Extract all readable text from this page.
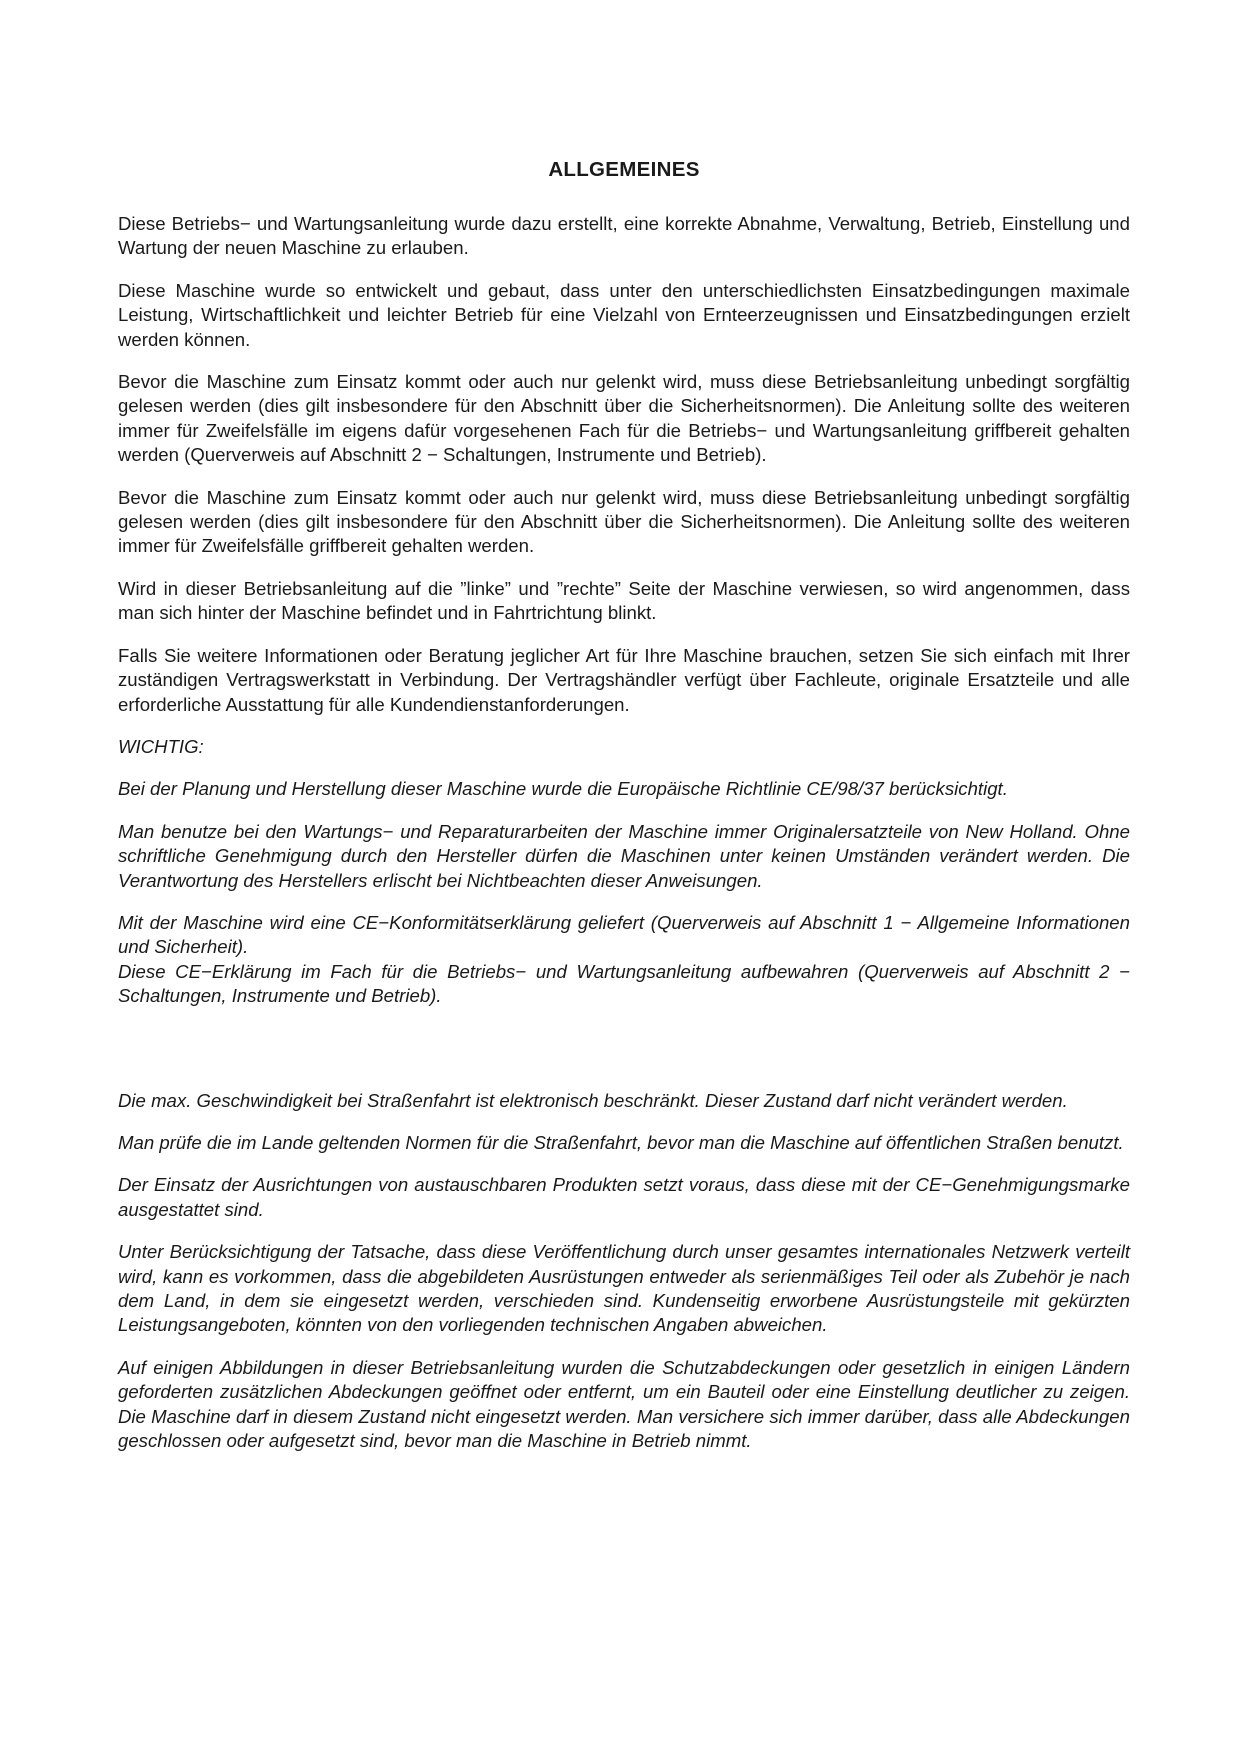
ALLGEMEINES

Diese Betriebs− und Wartungsanleitung wurde dazu erstellt, eine korrekte Abnahme, Verwaltung, Betrieb, Einstellung und Wartung der neuen Maschine zu erlauben.

Diese Maschine wurde so entwickelt und gebaut, dass unter den unterschiedlichsten Einsatzbedingungen maximale Leistung, Wirtschaftlichkeit und leichter Betrieb für eine Vielzahl von Ernteerzeugnissen und Einsatzbedingungen erzielt werden können.

Bevor die Maschine zum Einsatz kommt oder auch nur gelenkt wird, muss diese Betriebsanleitung unbedingt sorgfältig gelesen werden (dies gilt insbesondere für den Abschnitt über die Sicherheitsnormen). Die Anleitung sollte des weiteren immer für Zweifelsfälle im eigens dafür vorgesehenen Fach für die Betriebs− und Wartungsanleitung griffbereit gehalten werden (Querverweis auf Abschnitt 2 − Schaltungen, Instrumente und Betrieb).

Bevor die Maschine zum Einsatz kommt oder auch nur gelenkt wird, muss diese Betriebsanleitung unbedingt sorgfältig gelesen werden (dies gilt insbesondere für den Abschnitt über die Sicherheitsnormen). Die Anleitung sollte des weiteren immer für Zweifelsfälle griffbereit gehalten werden.

Wird in dieser Betriebsanleitung auf die ”linke” und ”rechte” Seite der Maschine verwiesen, so wird angenommen, dass man sich hinter der Maschine befindet und in Fahrtrichtung blinkt.

Falls Sie weitere Informationen oder Beratung jeglicher Art für Ihre Maschine brauchen, setzen Sie sich einfach mit Ihrer zuständigen Vertragswerkstatt in Verbindung. Der Vertragshändler verfügt über Fachleute, originale Ersatzteile und alle erforderliche Ausstattung für alle Kundendienstanforderungen.

WICHTIG:

Bei der Planung und Herstellung dieser Maschine wurde die Europäische Richtlinie CE/98/37 berücksichtigt.

Man benutze bei den Wartungs− und Reparaturarbeiten der Maschine immer Originalersatzteile von New Holland. Ohne schriftliche Genehmigung durch den Hersteller dürfen die Maschinen unter keinen Umständen verändert werden. Die Verantwortung des Herstellers erlischt bei Nichtbeachten dieser Anweisungen.

Mit der Maschine wird eine CE−Konformitätserklärung geliefert (Querverweis auf Abschnitt 1 − Allgemeine Informationen und Sicherheit).

Diese CE−Erklärung im Fach für die Betriebs− und Wartungsanleitung aufbewahren (Querverweis auf Abschnitt 2 − Schaltungen, Instrumente und Betrieb).

Die max. Geschwindigkeit bei Straßenfahrt ist elektronisch beschränkt. Dieser Zustand darf nicht verändert werden.

Man prüfe die im Lande geltenden Normen für die Straßenfahrt, bevor man die Maschine auf öffentlichen Straßen benutzt.

Der Einsatz der Ausrichtungen von austauschbaren Produkten setzt voraus, dass diese mit der CE−Genehmigungsmarke ausgestattet sind.

Unter Berücksichtigung der Tatsache, dass diese Veröffentlichung durch unser gesamtes internationales Netzwerk verteilt wird, kann es vorkommen, dass die abgebildeten Ausrüstungen entweder als serienmäßiges Teil oder als Zubehör je nach dem Land, in dem sie eingesetzt werden, verschieden sind. Kundenseitig erworbene Ausrüstungsteile mit gekürzten Leistungsangeboten, könnten von den vorliegenden technischen Angaben abweichen.

Auf einigen Abbildungen in dieser Betriebsanleitung wurden die Schutzabdeckungen oder gesetzlich in einigen Ländern geforderten zusätzlichen Abdeckungen geöffnet oder entfernt, um ein Bauteil oder eine Einstellung deutlicher zu zeigen. Die Maschine darf in diesem Zustand nicht eingesetzt werden. Man versichere sich immer darüber, dass alle Abdeckungen geschlossen oder aufgesetzt sind, bevor man die Maschine in Betrieb nimmt.
